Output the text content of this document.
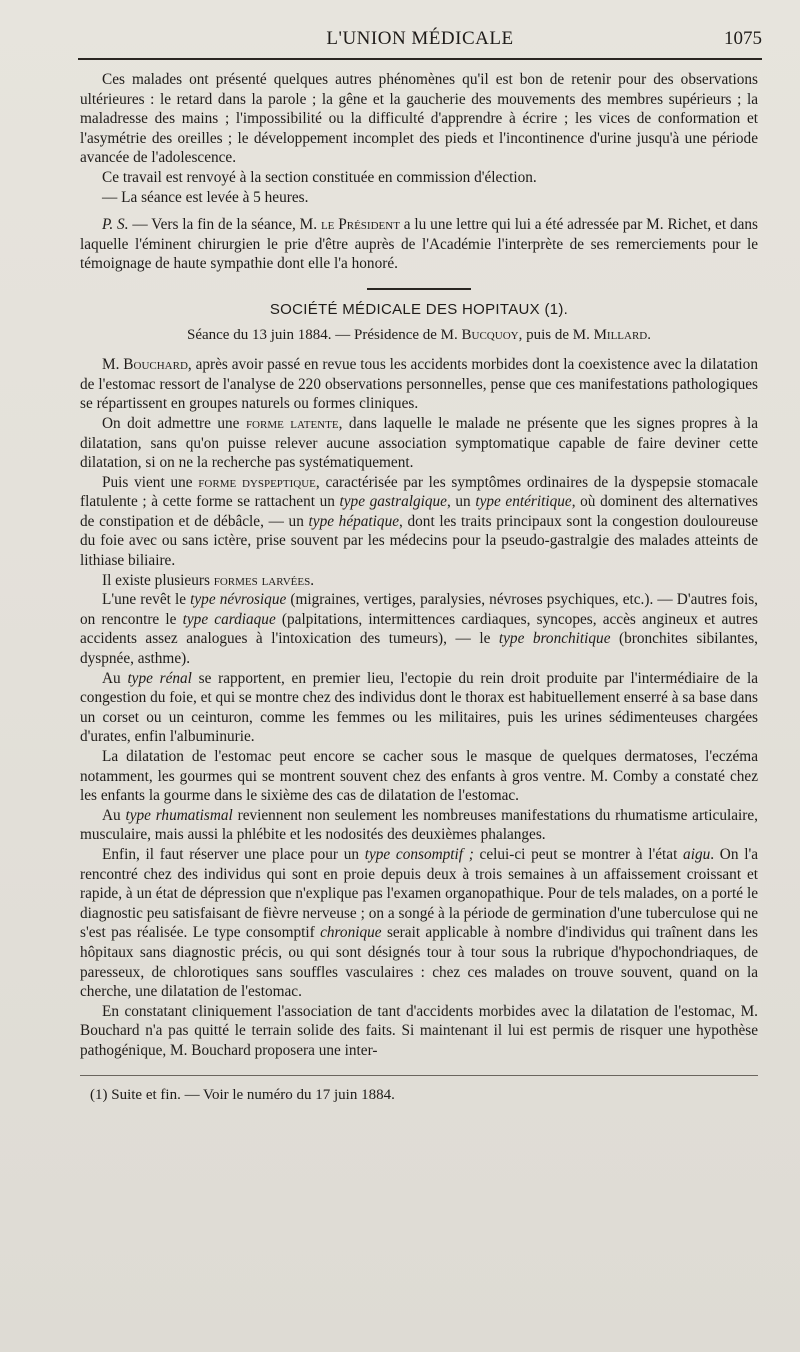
L'UNION MÉDICALE	1075

Ces malades ont présenté quelques autres phénomènes qu'il est bon de retenir pour des observations ultérieures : le retard dans la parole ; la gêne et la gaucherie des mouvements des membres supérieurs ; la maladresse des mains ; l'impossibilité ou la difficulté d'apprendre à écrire ; les vices de conformation et l'asymétrie des oreilles ; le développement incomplet des pieds et l'incontinence d'urine jusqu'à une période avancée de l'adolescence.

Ce travail est renvoyé à la section constituée en commission d'élection.

— La séance est levée à 5 heures.

P. S. — Vers la fin de la séance, M. le Président a lu une lettre qui lui a été adressée par M. Richet, et dans laquelle l'éminent chirurgien le prie d'être auprès de l'Académie l'interprète de ses remerciements pour le témoignage de haute sympathie dont elle l'a honoré.

SOCIÉTÉ MÉDICALE DES HOPITAUX (1).
Séance du 13 juin 1884. — Présidence de M. Bucquoy, puis de M. Millard.

M. Bouchard, après avoir passé en revue tous les accidents morbides dont la coexistence avec la dilatation de l'estomac ressort de l'analyse de 220 observations personnelles, pense que ces manifestations pathologiques se répartissent en groupes naturels ou formes cliniques.

On doit admettre une forme latente, dans laquelle le malade ne présente que les signes propres à la dilatation, sans qu'on puisse relever aucune association symptomatique capable de faire deviner cette dilatation, si on ne la recherche pas systématiquement.

Puis vient une forme dyspeptique, caractérisée par les symptômes ordinaires de la dyspepsie stomacale flatulente ; à cette forme se rattachent un type gastralgique, un type entéritique, où dominent des alternatives de constipation et de débâcle, — un type hépatique, dont les traits principaux sont la congestion douloureuse du foie avec ou sans ictère, prise souvent par les médecins pour la pseudo-gastralgie des malades atteints de lithiase biliaire.

Il existe plusieurs formes larvées.

L'une revêt le type névrosique (migraines, vertiges, paralysies, névroses psychiques, etc.). — D'autres fois, on rencontre le type cardiaque (palpitations, intermittences cardiaques, syncopes, accès angineux et autres accidents assez analogues à l'intoxication des tumeurs), — le type bronchitique (bronchites sibilantes, dyspnée, asthme).

Au type rénal se rapportent, en premier lieu, l'ectopie du rein droit produite par l'intermédiaire de la congestion du foie, et qui se montre chez des individus dont le thorax est habituellement enserré à sa base dans un corset ou un ceinturon, comme les femmes ou les militaires, puis les urines sédimenteuses chargées d'urates, enfin l'albuminurie.

La dilatation de l'estomac peut encore se cacher sous le masque de quelques dermatoses, l'eczéma notamment, les gourmes qui se montrent souvent chez des enfants à gros ventre. M. Comby a constaté chez les enfants la gourme dans le sixième des cas de dilatation de l'estomac.

Au type rhumatismal reviennent non seulement les nombreuses manifestations du rhumatisme articulaire, musculaire, mais aussi la phlébite et les nodosités des deuxièmes phalanges.

Enfin, il faut réserver une place pour un type consomptif ; celui-ci peut se montrer à l'état aigu. On l'a rencontré chez des individus qui sont en proie depuis deux à trois semaines à un affaissement croissant et rapide, à un état de dépression que n'explique pas l'examen organopathique. Pour de tels malades, on a porté le diagnostic peu satisfaisant de fièvre nerveuse ; on a songé à la période de germination d'une tuberculose qui ne s'est pas réalisée. Le type consomptif chronique serait applicable à nombre d'individus qui traînent dans les hôpitaux sans diagnostic précis, ou qui sont désignés tour à tour sous la rubrique d'hypochondriaques, de paresseux, de chlorotiques sans souffles vasculaires : chez ces malades on trouve souvent, quand on la cherche, une dilatation de l'estomac.

En constatant cliniquement l'association de tant d'accidents morbides avec la dilatation de l'estomac, M. Bouchard n'a pas quitté le terrain solide des faits. Si maintenant il lui est permis de risquer une hypothèse pathogénique, M. Bouchard proposera une inter-

(1) Suite et fin. — Voir le numéro du 17 juin 1884.
